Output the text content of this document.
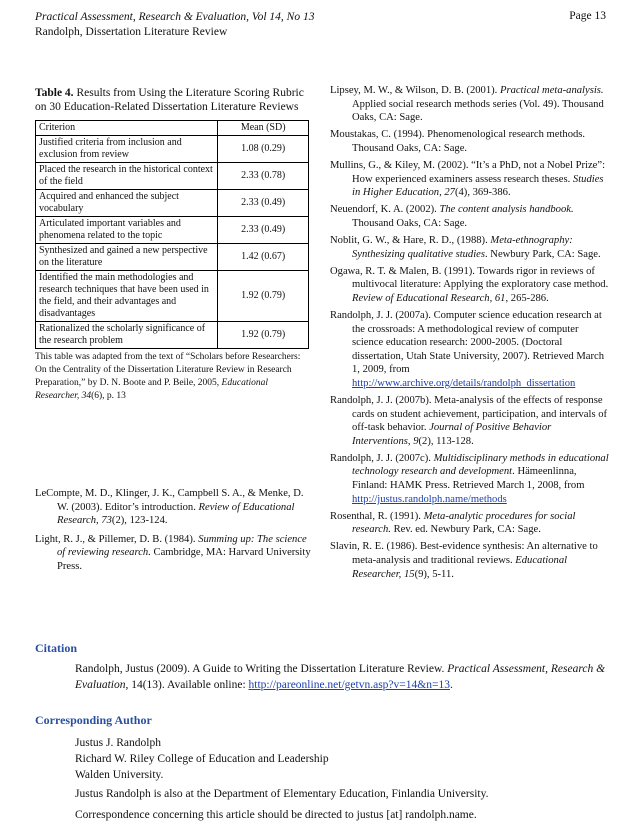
Practical Assessment, Research & Evaluation, Vol 14, No 13
Randolph, Dissertation Literature Review
Page 13

Table 4. Results from Using the Literature Scoring Rubric on 30 Education-Related Dissertation Literature Reviews

Criterion	Mean (SD)
Justified criteria from inclusion and exclusion from review	1.08 (0.29)
Placed the research in the historical context of the field	2.33 (0.78)
Acquired and enhanced the subject vocabulary	2.33 (0.49)
Articulated important variables and phenomena related to the topic	2.33 (0.49)
Synthesized and gained a new perspective on the literature	1.42 (0.67)
Identified the main methodologies and research techniques that have been used in the field, and their advantages and disadvantages	1.92 (0.79)
Rationalized the scholarly significance of the research problem	1.92 (0.79)
This table was adapted from the text of “Scholars before Researchers: On the Centrality of the Dissertation Literature Review in Research Preparation,” by D. N. Boote and P. Beile, 2005, Educational Researcher, 34(6), p. 13

LeCompte, M. D., Klinger, J. K., Campbell S. A., & Menke, D. W. (2003). Editor’s introduction. Review of Educational Research, 73(2), 123-124.

Light, R. J., & Pillemer, D. B. (1984). Summing up: The science of reviewing research. Cambridge, MA: Harvard University Press.

Lipsey, M. W., & Wilson, D. B. (2001). Practical meta-analysis. Applied social research methods series (Vol. 49). Thousand Oaks, CA: Sage.

Moustakas, C. (1994). Phenomenological research methods. Thousand Oaks, CA: Sage.

Mullins, G., & Kiley, M. (2002). “It’s a PhD, not a Nobel Prize”: How experienced examiners assess research theses. Studies in Higher Education, 27(4), 369-386.

Neuendorf, K. A. (2002). The content analysis handbook. Thousand Oaks, CA: Sage.

Noblit, G. W., & Hare, R. D., (1988). Meta-ethnography: Synthesizing qualitative studies. Newbury Park, CA: Sage.

Ogawa, R. T. & Malen, B. (1991). Towards rigor in reviews of multivocal literature: Applying the exploratory case method. Review of Educational Research, 61, 265-286.

Randolph, J. J. (2007a). Computer science education research at the crossroads: A methodological review of computer science education research: 2000-2005. (Doctoral dissertation, Utah State University, 2007). Retrieved March 1, 2009, from http://www.archive.org/details/randolph_dissertation

Randolph, J. J. (2007b). Meta-analysis of the effects of response cards on student achievement, participation, and intervals of off-task behavior. Journal of Positive Behavior Interventions, 9(2), 113-128.

Randolph, J. J. (2007c). Multidisciplinary methods in educational technology research and development. Hämeenlinna, Finland: HAMK Press. Retrieved March 1, 2008, from http://justus.randolph.name/methods

Rosenthal, R. (1991). Meta-analytic procedures for social research. Rev. ed. Newbury Park, CA: Sage.

Slavin, R. E. (1986). Best-evidence synthesis: An alternative to meta-analysis and traditional reviews. Educational Researcher, 15(9), 5-11.

Citation
Randolph, Justus (2009). A Guide to Writing the Dissertation Literature Review. Practical Assessment, Research & Evaluation, 14(13). Available online: http://pareonline.net/getvn.asp?v=14&n=13.
Corresponding Author
Justus J. Randolph
Richard W. Riley College of Education and Leadership
Walden University.
Justus Randolph is also at the Department of Elementary Education, Finlandia University.
Correspondence concerning this article should be directed to justus [at] randolph.name.
